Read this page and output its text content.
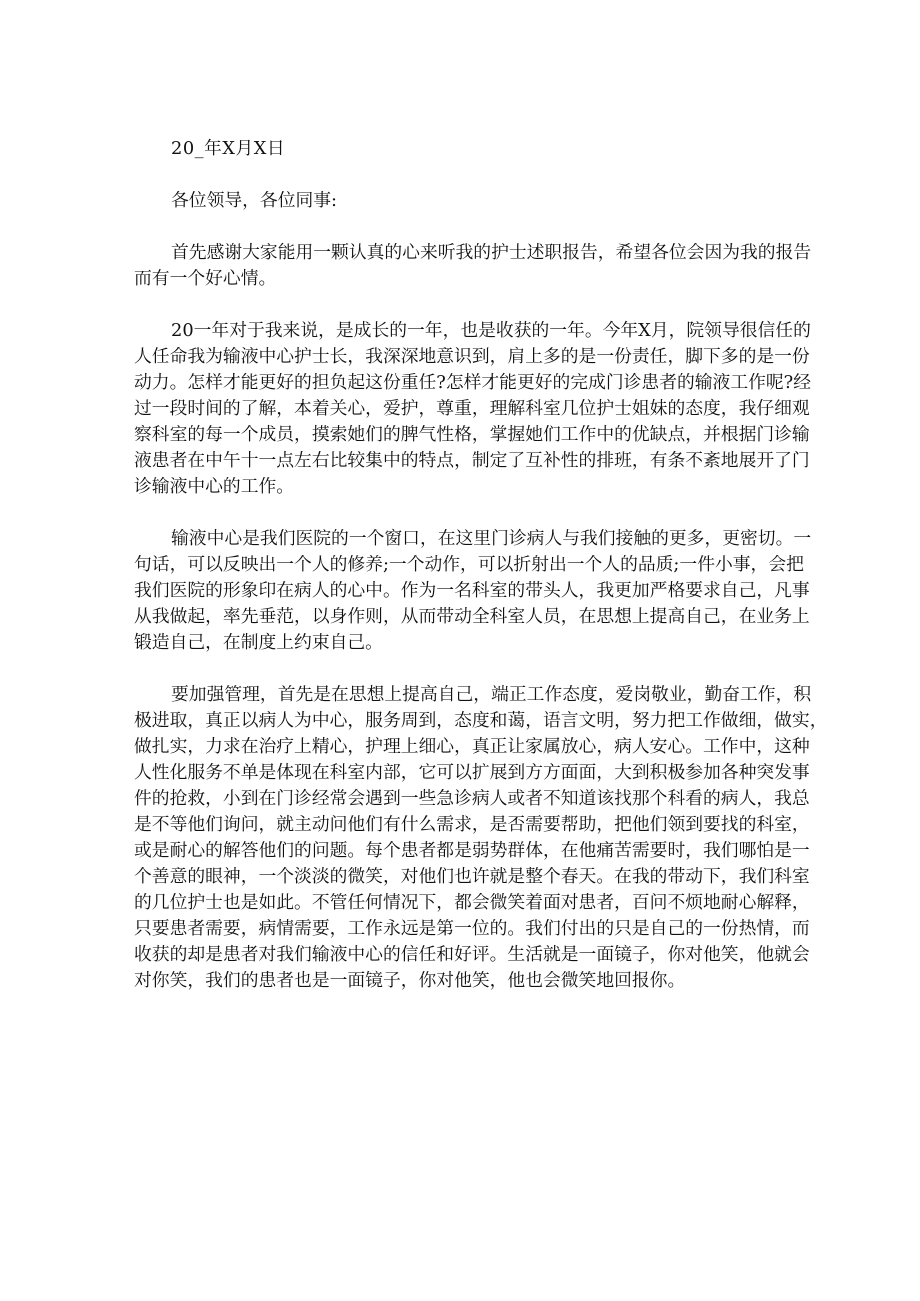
20_年X月X日

各位领导，各位同事:

首先感谢大家能用一颗认真的心来听我的护士述职报告，希望各位会因为我的报告

而有一个好心情。

20一年对于我来说，是成长的一年，也是收获的一年。今年X月，院领导很信任的

人任命我为输液中心护士长，我深深地意识到，肩上多的是一份责任，脚下多的是一份

动力。怎样才能更好的担负起这份重任?怎样才能更好的完成门诊患者的输液工作呢?经

过一段时间的了解，本着关心，爱护，尊重，理解科室几位护士姐妹的态度，我仔细观

察科室的每一个成员，摸索她们的脾气性格，掌握她们工作中的优缺点，并根据门诊输

液患者在中午十一点左右比较集中的特点，制定了互补性的排班，有条不紊地展开了门

诊输液中心的工作。

输液中心是我们医院的一个窗口，在这里门诊病人与我们接触的更多，更密切。一

句话，可以反映出一个人的修养;一个动作，可以折射出一个人的品质;一件小事，会把

我们医院的形象印在病人的心中。作为一名科室的带头人，我更加严格要求自己，凡事

从我做起，率先垂范，以身作则，从而带动全科室人员，在思想上提高自己，在业务上

锻造自己，在制度上约束自己。

要加强管理，首先是在思想上提高自己，端正工作态度，爱岗敬业，勤奋工作，积

极进取，真正以病人为中心，服务周到，态度和蔼，语言文明，努力把工作做细，做实，

做扎实，力求在治疗上精心，护理上细心，真正让家属放心，病人安心。工作中，这种

人性化服务不单是体现在科室内部，它可以扩展到方方面面，大到积极参加各种突发事

件的抢救，小到在门诊经常会遇到一些急诊病人或者不知道该找那个科看的病人，我总

是不等他们询问，就主动问他们有什么需求，是否需要帮助，把他们领到要找的科室，

或是耐心的解答他们的问题。每个患者都是弱势群体，在他痛苦需要时，我们哪怕是一

个善意的眼神，一个淡淡的微笑，对他们也许就是整个春天。在我的带动下，我们科室

的几位护士也是如此。不管任何情况下，都会微笑着面对患者，百问不烦地耐心解释，

只要患者需要，病情需要，工作永远是第一位的。我们付出的只是自己的一份热情，而

收获的却是患者对我们输液中心的信任和好评。生活就是一面镜子，你对他笑，他就会

对你笑，我们的患者也是一面镜子，你对他笑，他也会微笑地回报你。
